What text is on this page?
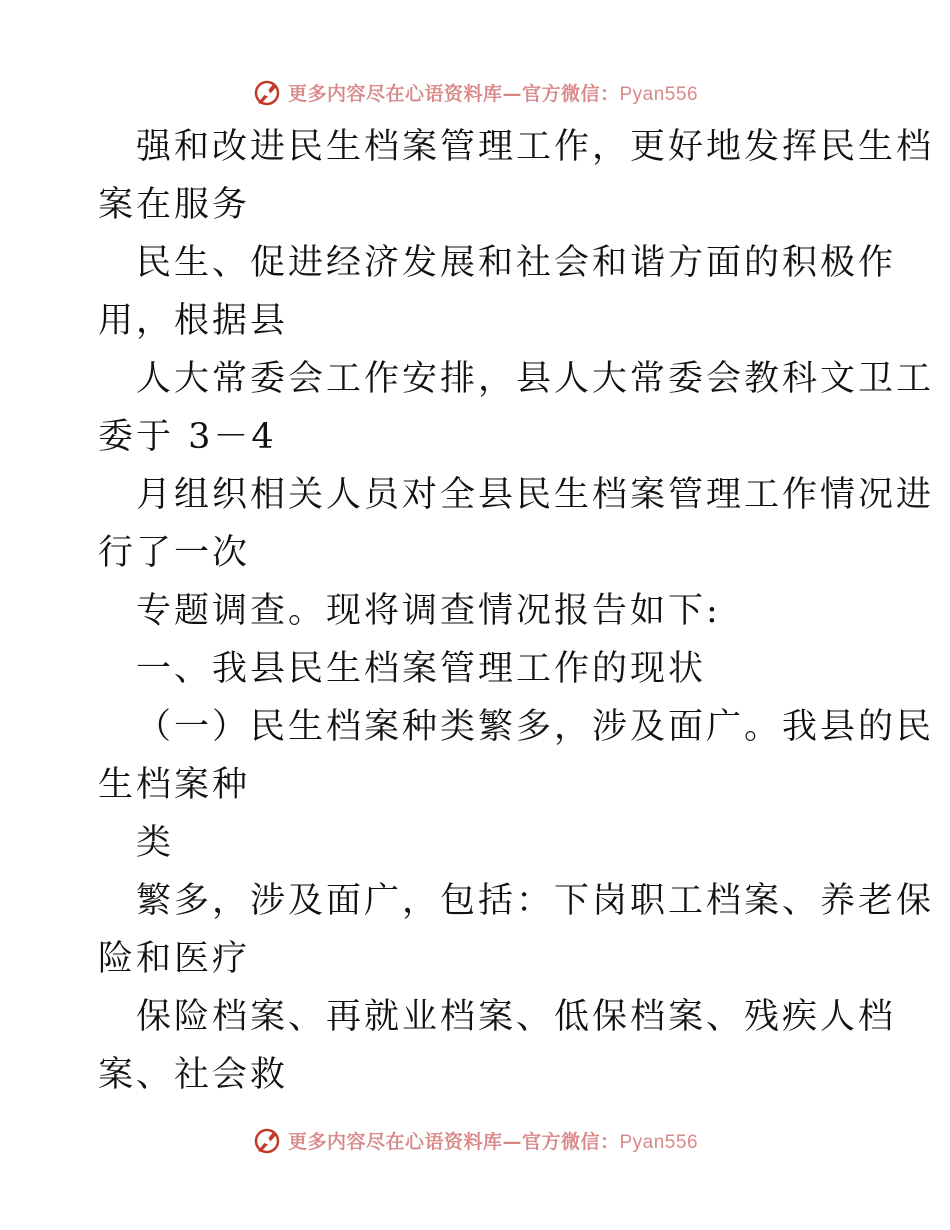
更多内容尽在心语资料库—官方微信：Pyan556
强和改进民生档案管理工作，更好地发挥民生档
案在服务
民生、促进经济发展和社会和谐方面的积极作
用，根据县
人大常委会工作安排，县人大常委会教科文卫工
委于 3－4
月组织相关人员对全县民生档案管理工作情况进
行了一次
专题调查。现将调查情况报告如下:
一、我县民生档案管理工作的现状
（一）民生档案种类繁多，涉及面广。我县的民
生档案种
类
繁多，涉及面广，包括：下岗职工档案、养老保
险和医疗
保险档案、再就业档案、低保档案、残疾人档
案、社会救
更多内容尽在心语资料库—官方微信：Pyan556
